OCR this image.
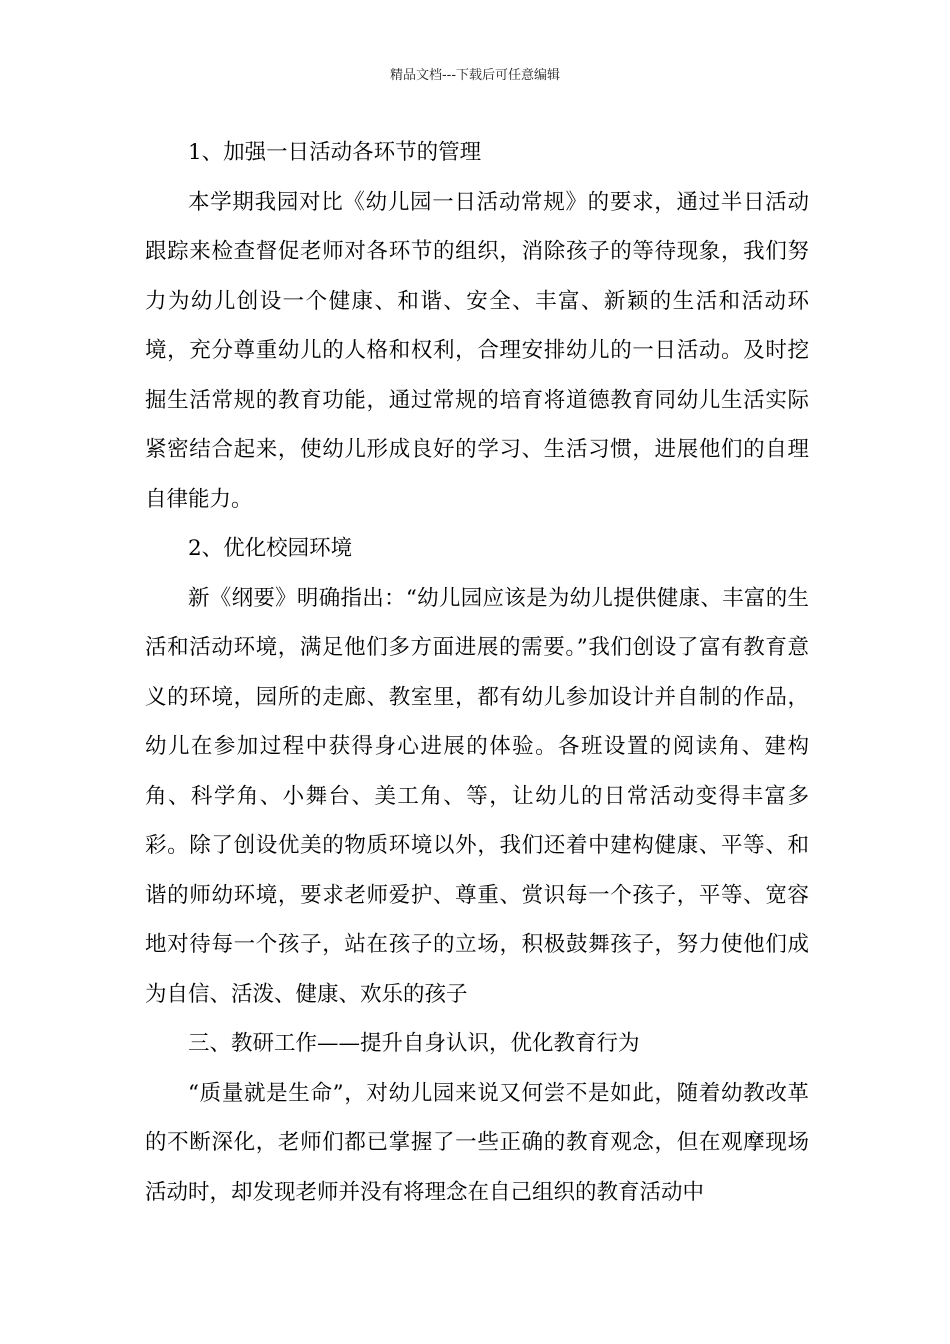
精品文档---下载后可任意编辑

1、加强一日活动各环节的管理

本学期我园对比《幼儿园一日活动常规》的要求，通过半日活动跟踪来检查督促老师对各环节的组织，消除孩子的等待现象，我们努力为幼儿创设一个健康、和谐、安全、丰富、新颖的生活和活动环境，充分尊重幼儿的人格和权利，合理安排幼儿的一日活动。及时挖掘生活常规的教育功能，通过常规的培育将道德教育同幼儿生活实际紧密结合起来，使幼儿形成良好的学习、生活习惯，进展他们的自理自律能力。

2、优化校园环境

新《纲要》明确指出：“幼儿园应该是为幼儿提供健康、丰富的生活和活动环境，满足他们多方面进展的需要。”我们创设了富有教育意义的环境，园所的走廊、教室里，都有幼儿参加设计并自制的作品，幼儿在参加过程中获得身心进展的体验。各班设置的阅读角、建构角、科学角、小舞台、美工角、等，让幼儿的日常活动变得丰富多彩。除了创设优美的物质环境以外，我们还着中建构健康、平等、和谐的师幼环境，要求老师爱护、尊重、赏识每一个孩子，平等、宽容地对待每一个孩子，站在孩子的立场，积极鼓舞孩子，努力使他们成为自信、活泼、健康、欢乐的孩子

三、教研工作——提升自身认识，优化教育行为

“质量就是生命”，对幼儿园来说又何尝不是如此，随着幼教改革的不断深化，老师们都已掌握了一些正确的教育观念，但在观摩现场活动时，却发现老师并没有将理念在自己组织的教育活动中
